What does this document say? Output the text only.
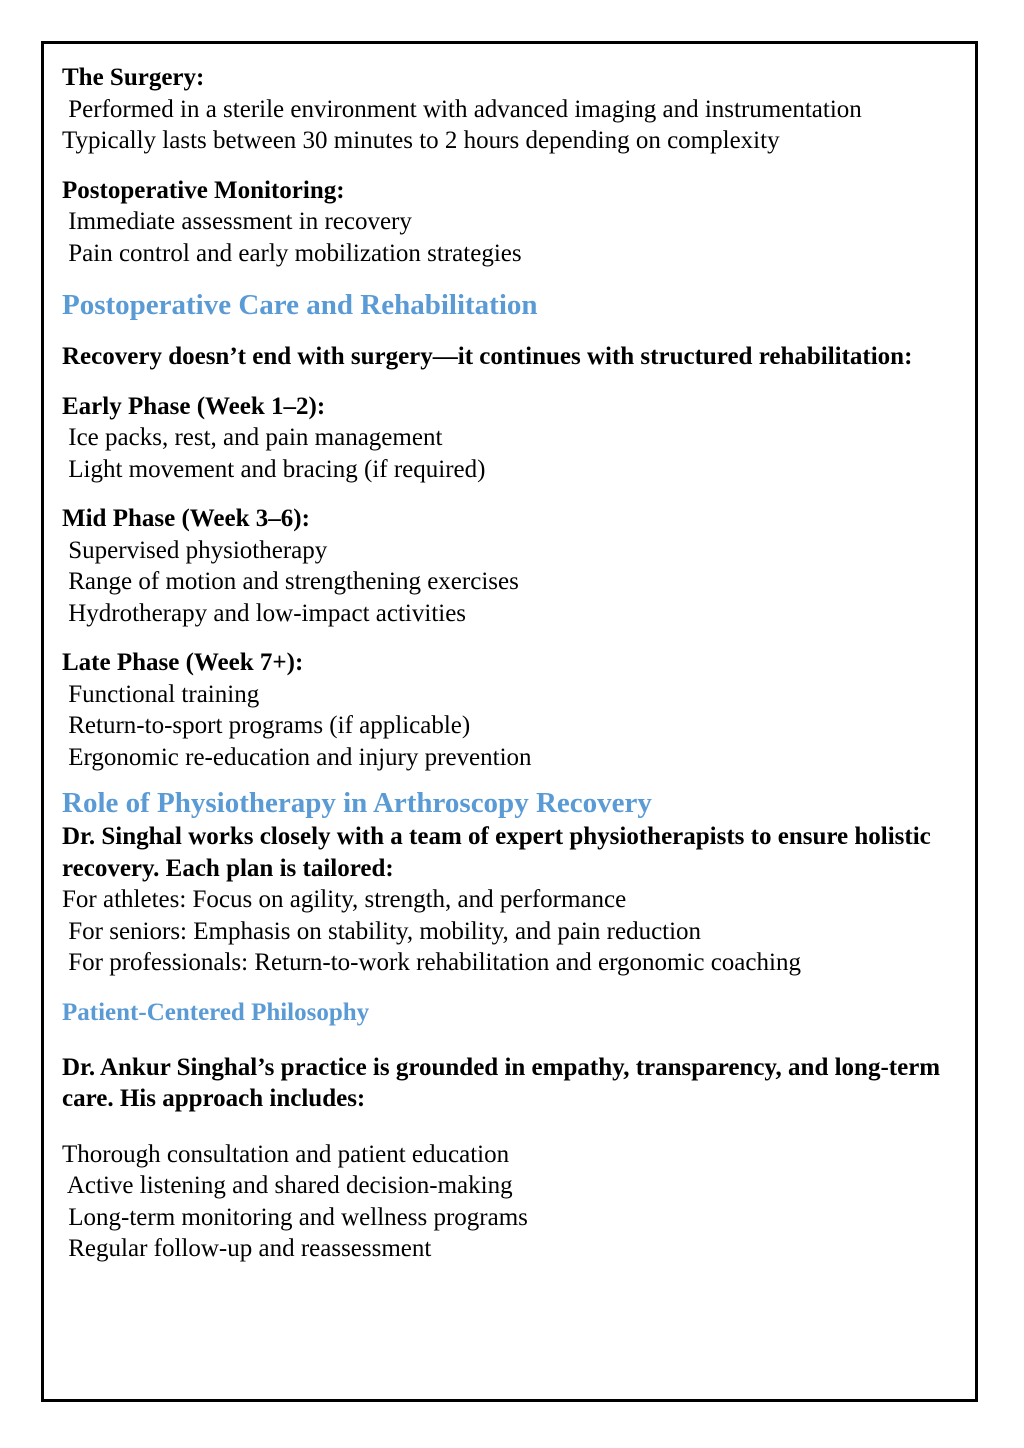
The Surgery:

Performed in a sterile environment with advanced imaging and instrumentation

Typically lasts between 30 minutes to 2 hours depending on complexity

Postoperative Monitoring:

Immediate assessment in recovery

Pain control and early mobilization strategies

Postoperative Care and Rehabilitation

Recovery doesn’t end with surgery—it continues with structured rehabilitation:

Early Phase (Week 1–2):

Ice packs, rest, and pain management

Light movement and bracing (if required)

Mid Phase (Week 3–6):

Supervised physiotherapy

Range of motion and strengthening exercises

Hydrotherapy and low-impact activities

Late Phase (Week 7+):

Functional training

Return-to-sport programs (if applicable)

Ergonomic re-education and injury prevention

Role of Physiotherapy in Arthroscopy Recovery

Dr. Singhal works closely with a team of expert physiotherapists to ensure holistic recovery. Each plan is tailored:

For athletes: Focus on agility, strength, and performance

For seniors: Emphasis on stability, mobility, and pain reduction

For professionals: Return-to-work rehabilitation and ergonomic coaching

Patient-Centered Philosophy

Dr. Ankur Singhal’s practice is grounded in empathy, transparency, and long-term care. His approach includes:

Thorough consultation and patient education

Active listening and shared decision-making

Long-term monitoring and wellness programs

Regular follow-up and reassessment
